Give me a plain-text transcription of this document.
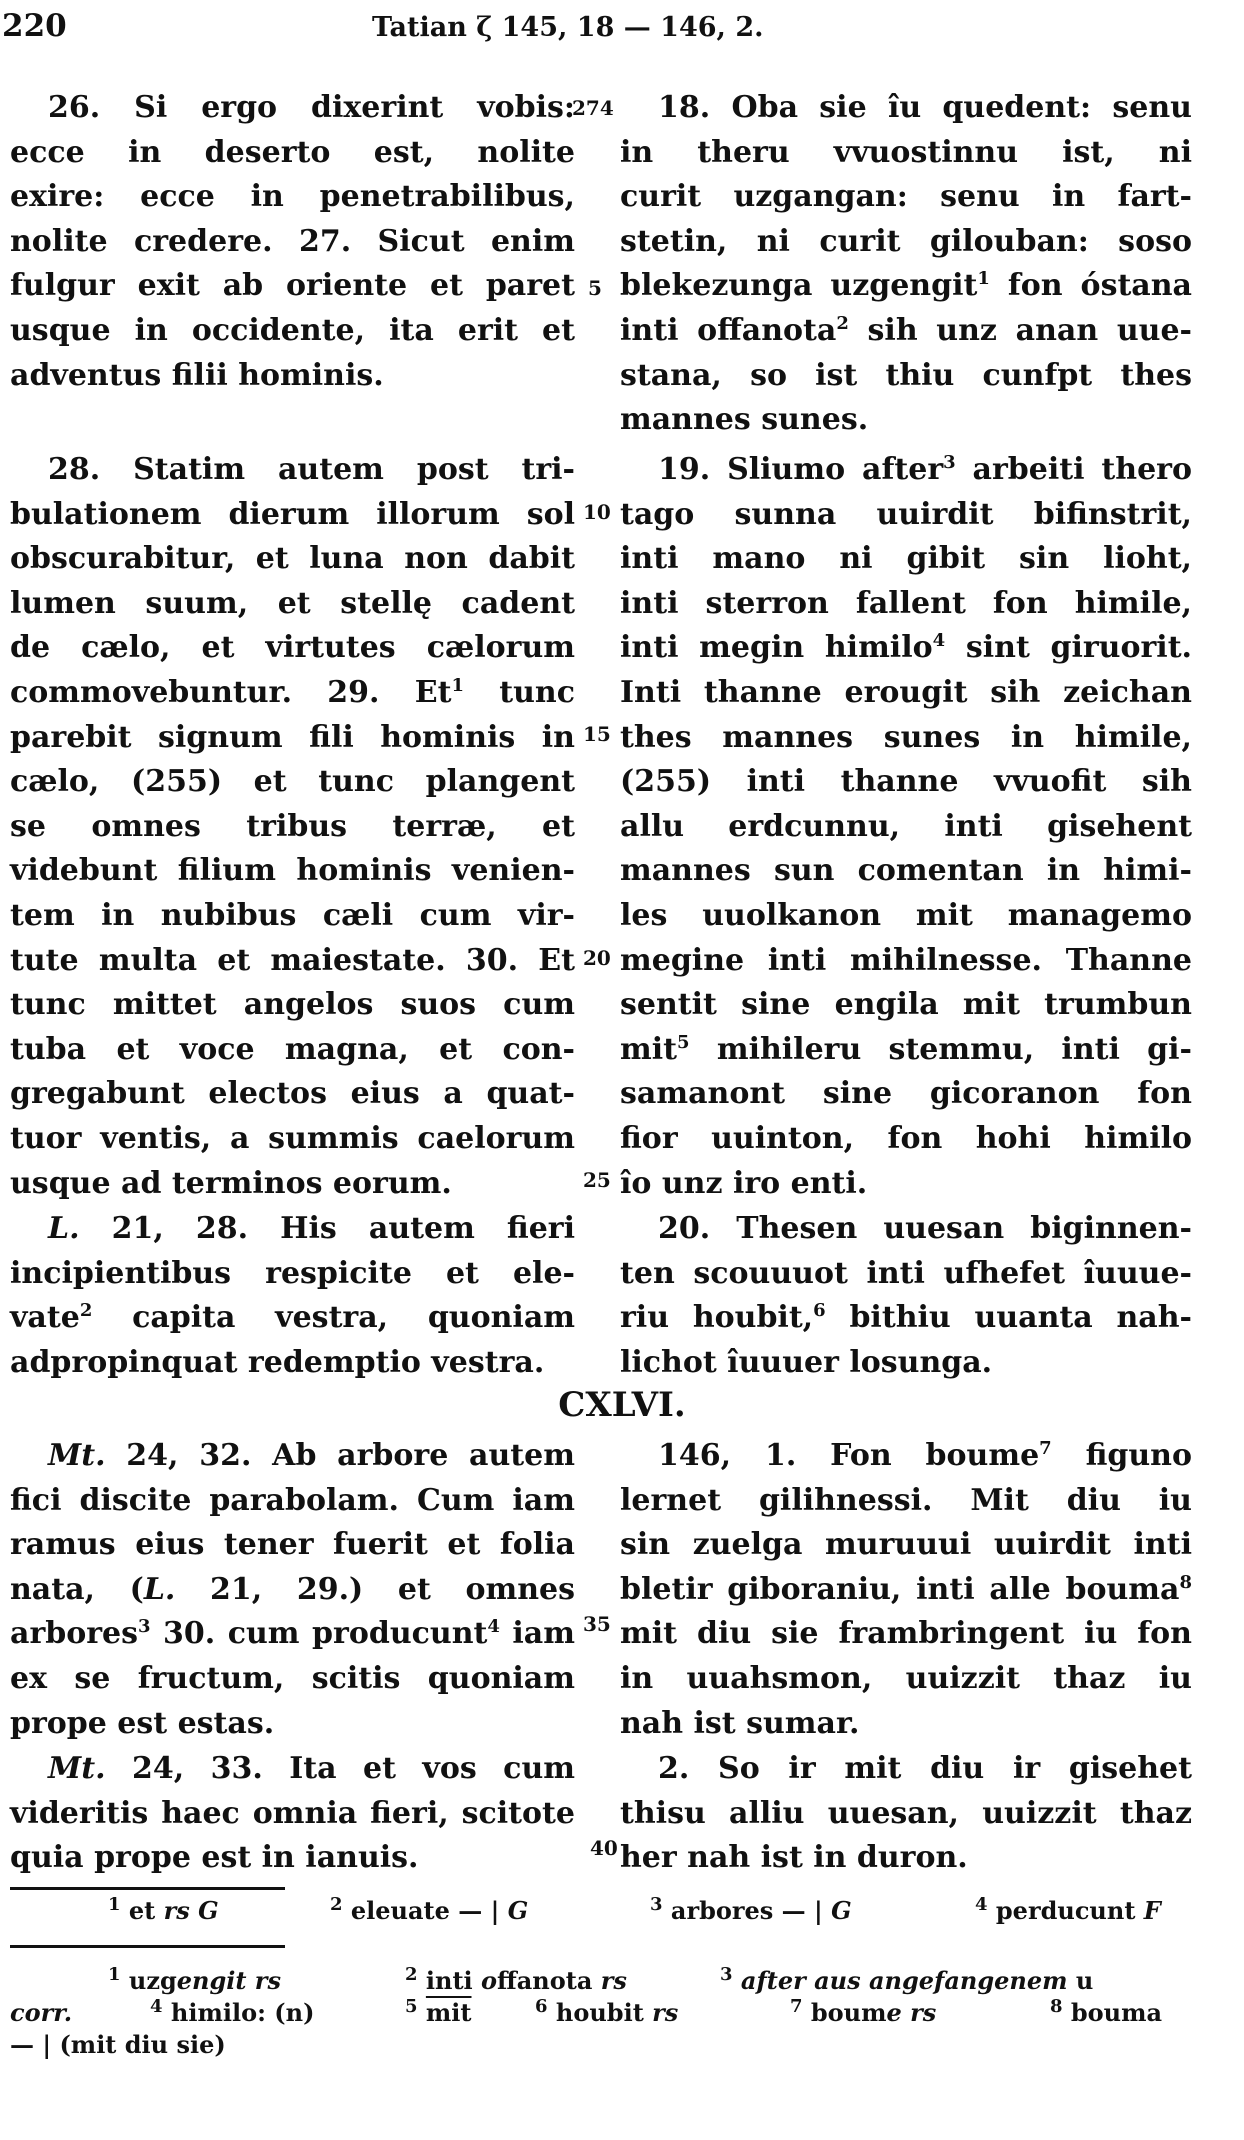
220	Tatian ζ 145, 18 — 146, 2.
26. Si ergo dixerint vobis:
ecce in deserto est, nolite
exire: ecce in penetrabilibus,
nolite credere. 27. Sicut enim
fulgur exit ab oriente et paret
usque in occidente, ita erit et
adventus filii hominis.
28. Statim autem post tri-
bulationem dierum illorum sol
obscurabitur, et luna non dabit
lumen suum, et stellę cadent
de cælo, et virtutes cælorum
commovebuntur. 29. Et$^1$ tunc
parebit signum fili hominis in
cælo, (255) et tunc plangent
se omnes tribus terræ, et
videbunt filium hominis venien-
tem in nubibus cæli cum vir-
tute multa et maiestate. 30. Et
tunc mittet angelos suos cum
tuba et voce magna, et con-
gregabunt electos eius a quat-
tuor ventis, a summis caelorum
usque ad terminos eorum.
L. 21, 28. His autem fieri
incipientibus respicite et ele-
vate$^2$ capita vestra, quoniam
adpropinquat redemptio vestra.
Mt. 24, 32. Ab arbore autem
fici discite parabolam. Cum iam
ramus eius tener fuerit et folia
nata, (L. 21, 29.) et omnes
arbores$^3$ 30. cum producunt$^4$ iam
ex se fructum, scitis quoniam
prope est estas.
Mt. 24, 33. Ita et vos cum
videritis haec omnia fieri, scitote
quia prope est in ianuis.
274
5
10
15
20
25
35
40
18. Oba sie îu quedent: senu
in theru vvuostinnu ist, ni
curit uzgangan: senu in fart-
stetin, ni curit gilouban: soso
blekezunga uzgengit$^1$ fon óstana
inti offanota$^2$ sih unz anan uue-
stana, so ist thiu cunfpt thes
mannes sunes.
19. Sliumo after$^3$ arbeiti thero
tago sunna uuirdit bifinstrit,
inti mano ni gibit sin lioht,
inti sterron fallent fon himile,
inti megin himilo$^4$ sint giruorit.
Inti thanne erougit sih zeichan
thes mannes sunes in himile,
(255) inti thanne vvuofit sih
allu erdcunnu, inti gisehent
mannes sun comentan in himi-
les uuolkanon mit managemo
megine inti mihilnesse. Thanne
sentit sine engila mit trumbun
mit$^5$ mihileru stemmu, inti gi-
samanont sine gicoranon fon
fior uuinton, fon hohi himilo
îo unz iro enti.
20. Thesen uuesan biginnen-
ten scouuuot inti ufhefet îuuue-
riu houbit,$^6$ bithiu uuanta nah-
lichot îuuuer losunga.
CXLVI.
146, 1. Fon boume$^7$ figuno
lernet gilihnessi. Mit diu iu
sin zuelga muruuui uuirdit inti
bletir giboraniu, inti alle bouma$^8$
mit diu sie frambringent iu fon
in uuahsmon, uuizzit thaz iu
nah ist sumar.
2. So ir mit diu ir gisehet
thisu alliu uuesan, uuizzit thaz
her nah ist in duron.
$^1$ et rs G	$^2$ eleuate — | G	$^3$ arbores — | G	$^4$ perducunt F
$^1$ uzgengit rs	$^2$ inti offanota rs	$^3$ after aus angefangenem u
corr.	$^4$ himilo: (n)	$^5$ $\overline{mit}$	$^6$ houbit rs	$^7$ boume rs	$^8$ bouma
— | (mit diu sie)
